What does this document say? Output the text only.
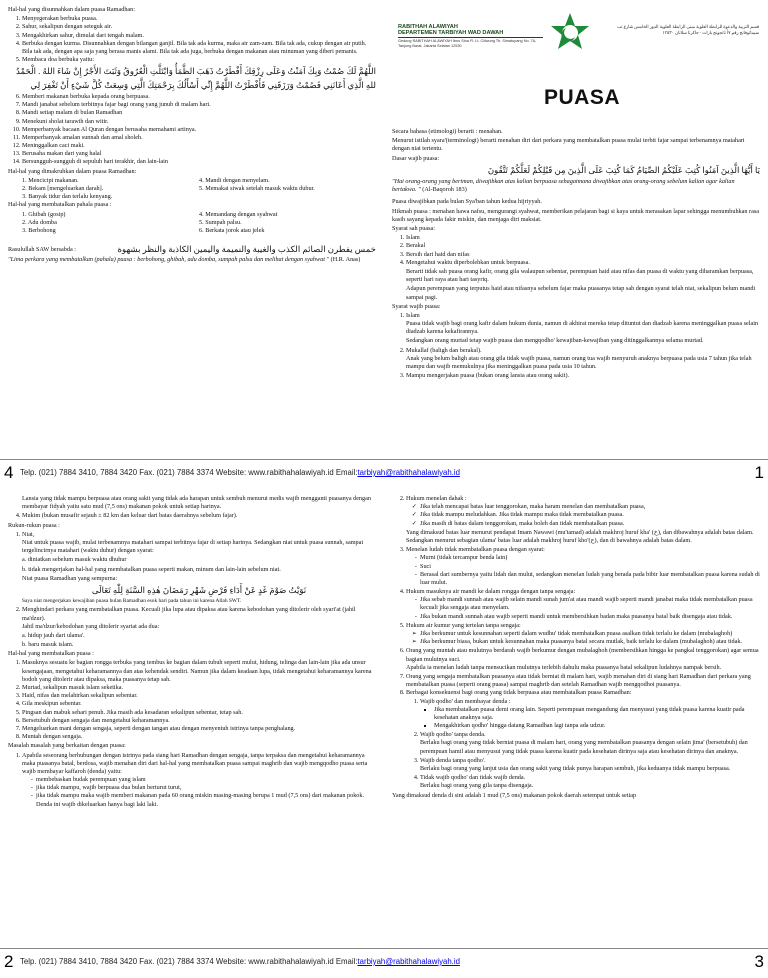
Hal-hal yang disunnahkan dalam puasa Ramadhan:

1. Menyegerakan berbuka puasa.
2. Sahur, sekalipun dengan seteguk air.
3. Mengakhirkan sahur, dimulai dari tengah malam.
4. Berbuka dengan kurma. Disunnahkan dengan bilangan ganjil. Bila tak ada kurma, maka air zam-zam. Bila tak ada, cukup dengan air putih. Bila tak ada, dengan apa saja yang berasa manis alami. Bila tak ada juga, berbuka dengan makanan atau minuman yang diberi pemanis.
5. Membaca doa berbuka yaitu:

اللَّهُمَّ لَكَ صُمْتُ وَبِكَ آمَنْتُ وَعَلَى رِزْقِكَ أَفْطَرْتُ ذَهَبَ الظَّمَأُ وَابْتَلَّتِ الْعُرُوقُ وَثَبَتَ الأَجْرُ إِنْ شَاءَ اللهُ . الْحَمْدُ للهِ الَّذِي أَعَانَنِي فَصُمْتُ وَرَزَقَنِي فَأَفْطَرْتُ اللَّهُمَّ إِنِّي أَسْأَلُكَ بِرَحْمَتِكَ الَّتِي وَسِعَتْ كُلَّ شَيْءٍ أَنْ تَغْفِرَ لِي

6. Memberi makanan berbuka kepada orang berpuasa.
7. Mandi janabat sebelum terbitnya fajar bagi orang yang junub di malam hari.
8. Mandi setiap malam di bulan Ramadhan
9. Menekuni sholat tarawih dan witir.
10. Memperbanyak bacaan Al Quran dengan berusaha memahami artinya.
11. Memperbanyak amalan sunnah dan amal sholeh.
12. Meninggalkan caci maki.
13. Berusaha makan dari yang halal
14. Bersungguh-sungguh di sepuluh hari terakhir, dan lain-lain

Hal-hal yang dimakruhkan dalam puasa Ramadhan:

1. Mencicipi makanan.	4. Mandi dengan menyelam.
2. Bekam [mengeluarkan darah].	5. Memakai siwak setelah masuk waktu dubur.
3. Banyak tidur dan terlalu kenyang.

Hal-hal yang membatalkan pahala puasa :

1. Ghibah (gosip)	4. Memandang dengan syahwat
2. Adu domba	5. Sumpah palsu.
3. Berbohong	6. Berkata jorok atau jelek
Rasulullah SAW bersabda :	خمس يفطرن الصائم الكذب والغيبة والنميمة واليمين الكاذبة والنظر بشهوة

"Lima perkara yang membatalkan (pahala) puasa : berbohong, ghibah, adu domba, sumpah palsu dan melihat dengan syahwat " (H.R. Anas)

4 Telp. (021) 7884 3410, 7884 3420 Fax. (021) 7884 3374 Website: www.rabithahalawiyah.id Email:tarbiyah@rabithahalawiyah.id
RABITHAH ALAWIYAH
DEPARTEMEN TARBIYAH WAD DAWAH
Gedung RABITHAH ALAWIYAH Ibnu Sina Fl. Lt. Ciliwung Tb. Simatupang No. 7A, Tanjung Barat, Jakarta Selatan 12530
قسم التربية والدعوة للرابطة العلوية مبنى الرابطة العلوية الدور الخامس شارع تب سيماتوفانج رقم ٧أ تانجونج بارات - جاكرتا سلاتان ١٢٥٣٠
PUASA

Secara bahasa (etimologi) berarti : menahan.

Menurut istilah syara'(terminologi) berarti menahan diri dari perkara yang membatalkan puasa mulai terbit fajar sampai terbenamnya matahari dengan niat tertentu.

Dasar wajib puasa:

يَا أَيُّهَا الَّذِينَ آمَنُوا كُتِبَ عَلَيْكُمُ الصِّيَامُ كَمَا كُتِبَ عَلَى الَّذِينَ مِن قَبْلِكُمْ لَعَلَّكُمْ تَتَّقُونَ

"Hai orang-orang yang beriman, diwajibkan atas kalian berpuasa sebagaimana diwajibkan atas orang-orang sebelum kalian agar kalian bertakwa. " (Al-Baqoroh 183)

Puasa diwajibkan pada bulan Sya'ban tahun kedua hijriyyah.

Hikmah puasa : menahan hawa nafsu, mengurangi syahwat, memberikan pelajaran bagi si kaya untuk merasakan lapar sehingga menumbuhkan rasa kasih sayang kepada fakir miskin, dan menjaga diri maksiat.

Syarat sah puasa:

1. Islam
2. Berakal
3. Bersih dari haid dan nifas
4. Mengetahui waktu diperbolehkan untuk berpuasa.

Berarti tidak sah puasa orang kafir, orang gila walaupun sebentar, perempuan haid atau nifas dan puasa di waktu yang diharamkan berpuasa, seperti hari raya atau hari tasyriq.

Adapun perempuan yang terputus haid atau nifasnya sebelum fajar maka puasanya tetap sah dengan syarat telah niat, sekalipun belum mandi sampai pagi.

Syarat wajib puasa:

1. Islam

Puasa tidak wajib bagi orang kafir dalam hukum dunia, namun di akhirat mereka tetap dituntut dan diadzab karena meninggalkan puasa selain diadzab karena kekafirannya.

Sedangkan orang murtad tetap wajib puasa dan mengqodho' kewajiban-kewajiban yang ditinggalkannya selama murtad.

2. Mukallaf (baligh dan berakal).

Anak yang belum baligh atau orang gila tidak wajib puasa, namun orang tua wajib menyuruh anaknya berpuasa pada usia 7 tahun jika telah mampu dan wajib memukulnya jika meninggalkan puasa pada usia 10 tahun.

3. Mampu mengerjakan puasa (bukan orang lansia atau orang sakit).
1

Lansia yang tidak mampu berpuasa atau orang sakit yang tidak ada harapan untuk sembuh menurut medis wajib mengganti puasanya dengan membayar fidyah yaitu satu mud (7,5 ons) makanan pokok untuk setiap harinya.

4. Mukim (bukan musafir sejauh ± 82 km dan keluar dari batas daerahnya sebelum fajar).

Rukun-rukun puasa :

1. Niat,

Niat untuk puasa wajib, mulai terbenamnya matahari sampai terbitnya fajar di setiap harinya. Sedangkan niat untuk puasa sunnah, sampai tergelincirnya matahari (waktu duhur) dengan syarat:

a. diniatkan sebelum masuk waktu dhuhur

b. tidak mengerjakan hal-hal yang membatalkan puasa seperti makan, minum dan lain-lain sebelum niat.

Niat puasa Ramadhan yang sempurna:

نَوَيْتُ صَوْمَ غَدٍ عَنْ أَدَاءِ فَرْضِ شَهْرِ رَمَضَانَ هٰذِهِ السَّنَةِ لِلّٰهِ تَعَالَى

Saya niat mengerjakan kewajiban puasa bulan Ramadhan esok hari pada tahun ini karena Allah SWT.

2. Menghindari perkara yang membatalkan puasa. Kecuali jika lupa atau dipaksa atau karena kebodohan yang ditolerir oleh syari'at (jahil ma'dzur).

Jahil ma'dzur/kebodohan yang ditolerir syariat ada dua:

a. hidup jauh dari ulama'.

b. baru masuk islam.

Hal-hal yang membatalkan puasa :

1. Masuknya sesuatu ke bagian rongga terbuka yang tembus ke bagian dalam tubuh seperti mulut, hidung, telinga dan lain-lain jika ada unsur kesengajaan, mengetahui keharamannya dan atas kehendak sendiri. Namun jika dalam keadaan lupa, tidak mengetahui keharamannya karena bodoh yang ditolerir atau dipaksa, maka puasanya tetap sah.
2. Murtad, sekalipun masuk islam seketika.
3. Haid, nifas dan melahirkan sekalipun sebentar.
4. Gila meskipun sebentar.
5. Pingsan dan mabuk sehari penuh. Jika masih ada kesadaran sekalipun sebentar, tetap sah.
6. Bersetubuh dengan sengaja dan mengetahui keharamannya.
7. Mengeluarkan mani dengan sengaja, seperti dengan tangan atau dengan menyentuh istrinya tanpa penghalang.
8. Muntah dengan sengaja.

Masalah masalah yang berkaitan dengan puasa:

1. Apabila seseorang berhubungan dengan istrinya pada siang hari Ramadhan dengan sengaja, tanpa terpaksa dan mengetahui keharamannya maka puasanya batal, berdosa, wajib menahan diri dari hal-hal yang membatalkan puasa sampai maghrib dan wajib mengqodho puasa serta wajib membayar kaffaroh (denda) yaitu:
- membebaskan budak perempuan yang islam
- jika tidak mampu, wajib berpuasa dua bulan berturut turut,
- jika tidak mampu maka wajib memberi makanan pada 60 orang miskin masing-masing berupa 1 mud (7,5 ons) dari makanan pokok. Denda ini wajib dikeluarkan hanya bagi laki laki.
2 Telp. (021) 7884 3410, 7884 3420 Fax. (021) 7884 3374 Website: www.rabithahalawiyah.id Email:tarbiyah@rabithahalawiyah.id
2. Hukum menelan dahak :
✓ Jika telah mencapai batas luar tenggorokan, maka haram menelan dan membatalkan puasa,
✓ Jika tidak mampu meludahkan. Jika tidak mampu maka tidak membatalkan puasa.
✓ Jika masih di batas dalam tenggorokan, maka boleh dan tidak membatalkan puasa.

Yang dimaksud batas luar menurut pendapat Imam Nawawi (mu'tamad) adalah makhroj huruf kha' (خ), dan dibawahnya adalah batas dalam. Sedangkan menurut sebagian ulama' batas luar adalah makhroj huruf kho'(ح), dan di bawahnya adalah batas dalam.

3. Menelan ludah tidak membatalkan puasa dengan syarat:
- Murni (tidak tercampur benda lain)
- Suci
- Berasal dari sumbernya yaitu lidah dan mulut, sedangkan menelan ludah yang berada pada bibir luar membatalkan puasa karena sudah di luar mulut.
4. Hukum masuknya air mandi ke dalam rongga dengan tanpa sengaja:
- Jika sebab mandi sunnah atau wajib selain mandi sunah jum'at atau mandi wajib seperti mandi janabat maka tidak membatalkan puasa kecuali jika sengaja atau menyelam.
- Jika bukan mandi sunnah atau wajib seperti mandi untuk membersihkan badan maka puasanya batal baik disengaja atau tidak.
5. Hukum air kumur yang tertelan tanpa sengaja:
➢ Jika berkumur untuk kesunnahan seperti dalam wudhu' tidak membatalkan puasa asalkan tidak terlalu ke dalam (mubalaghoh)
➢ Jika berkumur biasa, bukan untuk kesunnahan maka puasanya batal secara mutlak, baik terlalu ke dalam (mubalaghoh) atau tidak.
6. Orang yang muntah atau mulutnya berdarah wajib berkumur dengan mubalaghoh (membersihkan hingga ke pangkal tenggorokan) agar semua bagian mulutnya suci.

Apabila ia menelan ludah tanpa mensucikan mulutnya terlebih dahulu maka puasanya batal sekalipun ludahnya nampak bersih.

7. Orang yang sengaja membatalkan puasanya atau tidak berniat di malam hari, wajib menahan diri di siang hari Ramadhan dari perkara yang membatalkan puasa (seperti orang puasa) sampai maghrib dan setelah Ramadhan wajib mengqodhoi puasanya.
8. Berbagai konsekuensi bagi orang yang tidak berpuasa atau membatalkan puasa Ramadhan:
1. Wajib qodho' dan membayar denda :
▪ Jika membatalkan puasa demi orang lain. Seperti perempuan mengandung dan menyusui yang tidak puasa karena kuatir pada kesehatan anaknya saja.
▪ Mengakhirkan qodho' hingga datang Ramadhan lagi tanpa ada udzur.
2. Wajib qodho' tanpa denda.

Berlaku bagi orang yang tidak berniat puasa di malam hari, orang yang membatalkan puasanya dengan selain jima' (bersetubuh) dan perempuan hamil atau menyusui yang tidak puasa karena kuatir pada kesehatan dirinya saja atau kesehatan dirinya dan anaknya.

3. Wajib denda tanpa qodho'.

Berlaku bagi orang yang lanjut usia dan orang sakit yang tidak punya harapan sembuh, jika keduanya tidak mampu berpuasa.

4. Tidak wajib qodho' dan tidak wajib denda.

Berlaku bagi orang yang gila tanpa disengaja.

Yang dimaksud denda di sini adalah 1 mud (7,5 ons) makanan pokok daerah setempat untuk setiap

3
